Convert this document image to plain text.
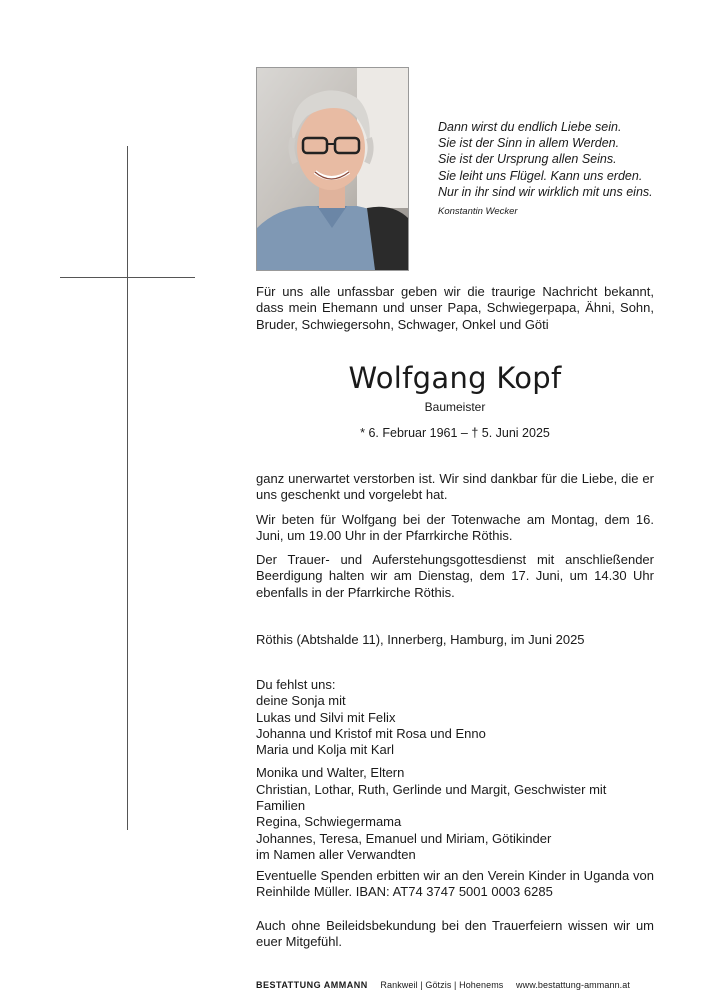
Dann wirst du endlich Liebe sein.
Sie ist der Sinn in allem Werden.
Sie ist der Ursprung allen Seins.
Sie leiht uns Flügel. Kann uns erden.
Nur in ihr sind wir wirklich mit uns eins.
Konstantin Wecker
Für uns alle unfassbar geben wir die traurige Nachricht bekannt, dass mein Ehemann und unser Papa, Schwiegerpapa, Ähni, Sohn, Bruder, Schwiegersohn, Schwager, Onkel und Göti
Wolfgang Kopf
Baumeister
* 6. Februar 1961 – † 5. Juni 2025
ganz unerwartet verstorben ist. Wir sind dankbar für die Liebe, die er uns geschenkt und vorgelebt hat.
Wir beten für Wolfgang bei der Totenwache am Montag, dem 16. Juni, um 19.00 Uhr in der Pfarrkirche Röthis.
Der Trauer- und Auferstehungsgottesdienst mit anschließender Beerdigung halten wir am Dienstag, dem 17. Juni, um 14.30 Uhr ebenfalls in der Pfarrkirche Röthis.
Röthis (Abtshalde 11), Innerberg, Hamburg, im Juni 2025
Du fehlst uns:
deine Sonja mit
Lukas und Silvi mit Felix
Johanna und Kristof mit Rosa und Enno
Maria und Kolja mit Karl
Monika und Walter, Eltern
Christian, Lothar, Ruth, Gerlinde und Margit, Geschwister mit Familien
Regina, Schwiegermama
Johannes, Teresa, Emanuel und Miriam, Götikinder
im Namen aller Verwandten
Eventuelle Spenden erbitten wir an den Verein Kinder in Uganda von Reinhilde Müller. IBAN: AT74 3747 5001 0003 6285
Auch ohne Beileidsbekundung bei den Trauerfeiern wissen wir um euer Mitgefühl.
BESTATTUNG AMMANN Rankweil | Götzis | Hohenems www.bestattung-ammann.at
